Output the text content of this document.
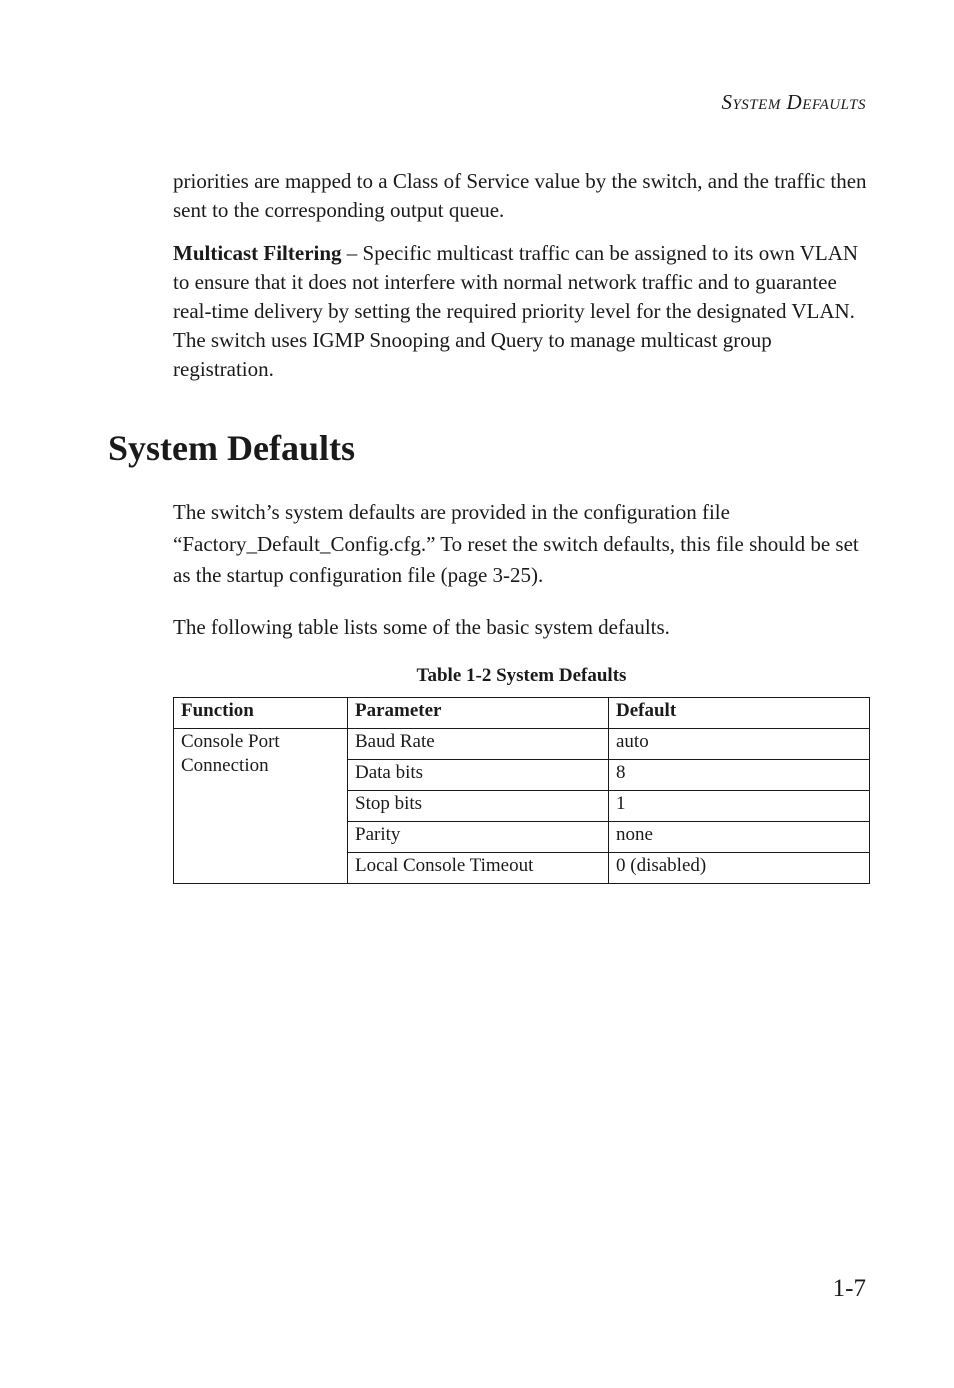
System Defaults

priorities are mapped to a Class of Service value by the switch, and the traffic then sent to the corresponding output queue.

Multicast Filtering – Specific multicast traffic can be assigned to its own VLAN to ensure that it does not interfere with normal network traffic and to guarantee real-time delivery by setting the required priority level for the designated VLAN. The switch uses IGMP Snooping and Query to manage multicast group registration.

System Defaults

The switch’s system defaults are provided in the configuration file “Factory_Default_Config.cfg.” To reset the switch defaults, this file should be set as the startup configuration file (page 3-25).

The following table lists some of the basic system defaults.

Table 1-2 System Defaults

Function	Parameter	Default
Console Port Connection	Baud Rate	auto
	Data bits	8
	Stop bits	1
	Parity	none
	Local Console Timeout	0 (disabled)

1-7
